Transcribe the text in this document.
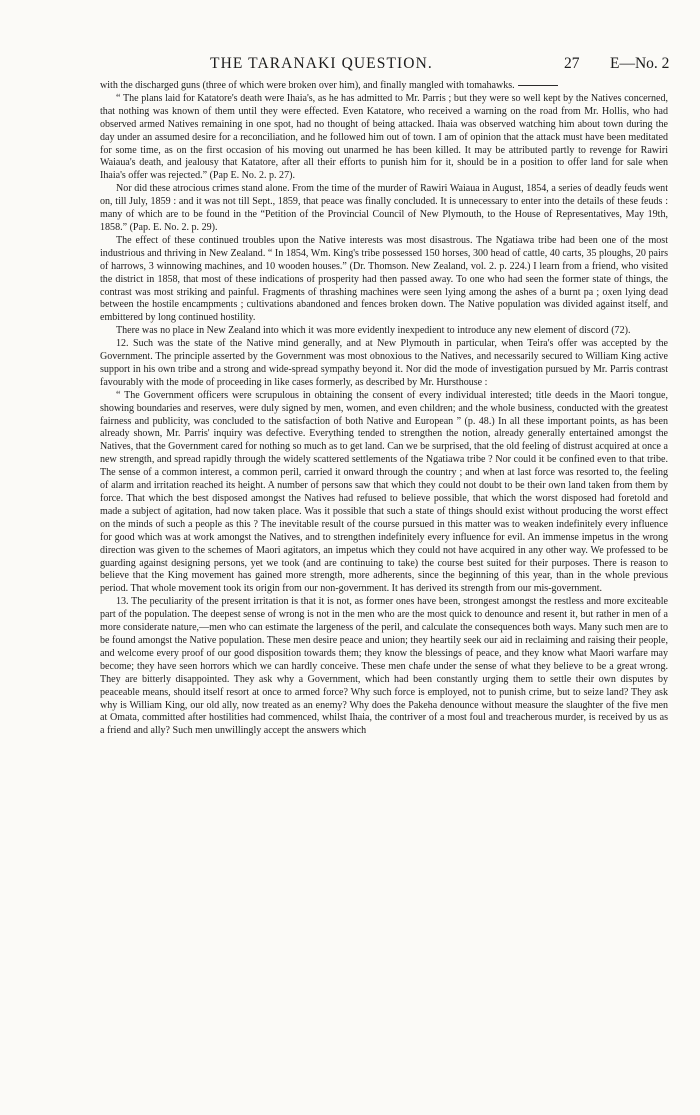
THE TARANAKI QUESTION.	27 E—No. 2

with the discharged guns (three of which were broken over him), and finally mangled with tomahawks.

“ The plans laid for Katatore's death were Ihaia's, as he has admitted to Mr. Parris ; but they were so well kept by the Natives concerned, that nothing was known of them until they were effected. Even Katatore, who received a warning on the road from Mr. Hollis, who had observed armed Natives remaining in one spot, had no thought of being attacked. Ihaia was observed watching him about town during the day under an assumed desire for a reconciliation, and he followed him out of town. I am of opinion that the attack must have been meditated for some time, as on the first occasion of his moving out unarmed he has been killed. It may be attributed partly to revenge for Rawiri Waiaua's death, and jealousy that Katatore, after all their efforts to punish him for it, should be in a position to offer land for sale when Ihaia's offer was rejected.” (Pap E. No. 2. p. 27).

Nor did these atrocious crimes stand alone. From the time of the murder of Rawiri Waiaua in August, 1854, a series of deadly feuds went on, till July, 1859 : and it was not till Sept., 1859, that peace was finally concluded. It is unnecessary to enter into the details of these feuds : many of which are to be found in the “Petition of the Provincial Council of New Plymouth, to the House of Representatives, May 19th, 1858.” (Pap. E. No. 2. p. 29).

The effect of these continued troubles upon the Native interests was most disastrous. The Ngatiawa tribe had been one of the most industrious and thriving in New Zealand. “ In 1854, Wm. King's tribe possessed 150 horses, 300 head of cattle, 40 carts, 35 ploughs, 20 pairs of harrows, 3 winnowing machines, and 10 wooden houses.” (Dr. Thomson. New Zealand, vol. 2. p. 224.) I learn from a friend, who visited the district in 1858, that most of these indications of prosperity had then passed away. To one who had seen the former state of things, the contrast was most striking and painful. Fragments of thrashing machines were seen lying among the ashes of a burnt pa ; oxen lying dead between the hostile encampments ; cultivations abandoned and fences broken down. The Native population was divided against itself, and embittered by long continued hostility.

There was no place in New Zealand into which it was more evidently inexpedient to introduce any new element of discord (72).

12. Such was the state of the Native mind generally, and at New Plymouth in particular, when Teira's offer was accepted by the Government. The principle asserted by the Government was most obnoxious to the Natives, and necessarily secured to William King active support in his own tribe and a strong and wide-spread sympathy beyond it. Nor did the mode of investigation pursued by Mr. Parris contrast favourably with the mode of proceeding in like cases formerly, as described by Mr. Hursthouse :

“ The Government officers were scrupulous in obtaining the consent of every individual interested; title deeds in the Maori tongue, showing boundaries and reserves, were duly signed by men, women, and even children; and the whole business, conducted with the greatest fairness and publicity, was concluded to the satisfaction of both Native and European ” (p. 48.) In all these important points, as has been already shown, Mr. Parris' inquiry was defective. Everything tended to strengthen the notion, already generally entertained amongst the Natives, that the Government cared for nothing so much as to get land. Can we be surprised, that the old feeling of distrust acquired at once a new strength, and spread rapidly through the widely scattered settlements of the Ngatiawa tribe ? Nor could it be confined even to that tribe. The sense of a common interest, a common peril, carried it onward through the country ; and when at last force was resorted to, the feeling of alarm and irritation reached its height. A number of persons saw that which they could not doubt to be their own land taken from them by force. That which the best disposed amongst the Natives had refused to believe possible, that which the worst disposed had foretold and made a subject of agitation, had now taken place. Was it possible that such a state of things should exist without producing the worst effect on the minds of such a people as this ? The inevitable result of the course pursued in this matter was to weaken indefinitely every influence for good which was at work amongst the Natives, and to strengthen indefinitely every influence for evil. An immense impetus in the wrong direction was given to the schemes of Maori agitators, an impetus which they could not have acquired in any other way. We professed to be guarding against designing persons, yet we took (and are continuing to take) the course best suited for their purposes. There is reason to believe that the King movement has gained more strength, more adherents, since the beginning of this year, than in the whole previous period. That whole movement took its origin from our non-government. It has derived its strength from our mis-government.

13. The peculiarity of the present irritation is that it is not, as former ones have been, strongest amongst the restless and more exciteable part of the population. The deepest sense of wrong is not in the men who are the most quick to denounce and resent it, but rather in men of a more considerate nature,—men who can estimate the largeness of the peril, and calculate the consequences both ways. Many such men are to be found amongst the Native population. These men desire peace and union; they heartily seek our aid in reclaiming and raising their people, and welcome every proof of our good disposition towards them; they know the blessings of peace, and they know what Maori warfare may become; they have seen horrors which we can hardly conceive. These men chafe under the sense of what they believe to be a great wrong. They are bitterly disappointed. They ask why a Government, which had been constantly urging them to settle their own disputes by peaceable means, should itself resort at once to armed force? Why such force is employed, not to punish crime, but to seize land? They ask why is William King, our old ally, now treated as an enemy? Why does the Pakeha denounce without measure the slaughter of the five men at Omata, committed after hostilities had commenced, whilst Ihaia, the contriver of a most foul and treacherous murder, is received by us as a friend and ally? Such men unwillingly accept the answers which
